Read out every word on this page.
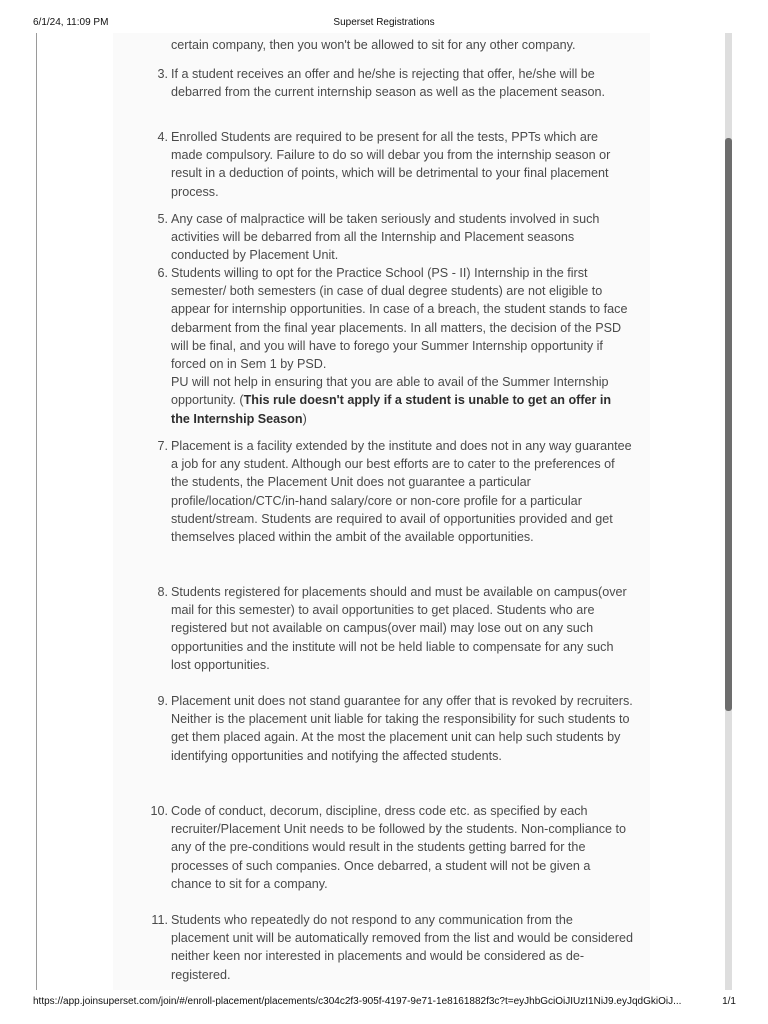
6/1/24, 11:09 PM	Superset Registrations
certain company, then you won't be allowed to sit for any other company.
3. If a student receives an offer and he/she is rejecting that offer, he/she will be debarred from the current internship season as well as the placement season.
4. Enrolled Students are required to be present for all the tests, PPTs which are made compulsory. Failure to do so will debar you from the internship season or result in a deduction of points, which will be detrimental to your final placement process.
5. Any case of malpractice will be taken seriously and students involved in such activities will be debarred from all the Internship and Placement seasons conducted by Placement Unit.
6. Students willing to opt for the Practice School (PS - II) Internship in the first semester/ both semesters (in case of dual degree students) are not eligible to appear for internship opportunities. In case of a breach, the student stands to face debarment from the final year placements. In all matters, the decision of the PSD will be final, and you will have to forego your Summer Internship opportunity if forced on in Sem 1 by PSD.
PU will not help in ensuring that you are able to avail of the Summer Internship opportunity. (This rule doesn't apply if a student is unable to get an offer in the Internship Season)
7. Placement is a facility extended by the institute and does not in any way guarantee a job for any student. Although our best efforts are to cater to the preferences of the students, the Placement Unit does not guarantee a particular profile/location/CTC/in-hand salary/core or non-core profile for a particular student/stream. Students are required to avail of opportunities provided and get themselves placed within the ambit of the available opportunities.
8. Students registered for placements should and must be available on campus(over mail for this semester) to avail opportunities to get placed. Students who are registered but not available on campus(over mail) may lose out on any such opportunities and the institute will not be held liable to compensate for any such lost opportunities.
9. Placement unit does not stand guarantee for any offer that is revoked by recruiters. Neither is the placement unit liable for taking the responsibility for such students to get them placed again. At the most the placement unit can help such students by identifying opportunities and notifying the affected students.
10. Code of conduct, decorum, discipline, dress code etc. as specified by each recruiter/Placement Unit needs to be followed by the students. Non-compliance to any of the pre-conditions would result in the students getting barred for the processes of such companies. Once debarred, a student will not be given a chance to sit for a company.
11. Students who repeatedly do not respond to any communication from the placement unit will be automatically removed from the list and would be considered neither keen nor interested in placements and would be considered as de-registered.
https://app.joinsuperset.com/join/#/enroll-placement/placements/c304c2f3-905f-4197-9e71-1e8161882f3c?t=eyJhbGciOiJIUzI1NiJ9.eyJqdGkiOiJ...	1/1
